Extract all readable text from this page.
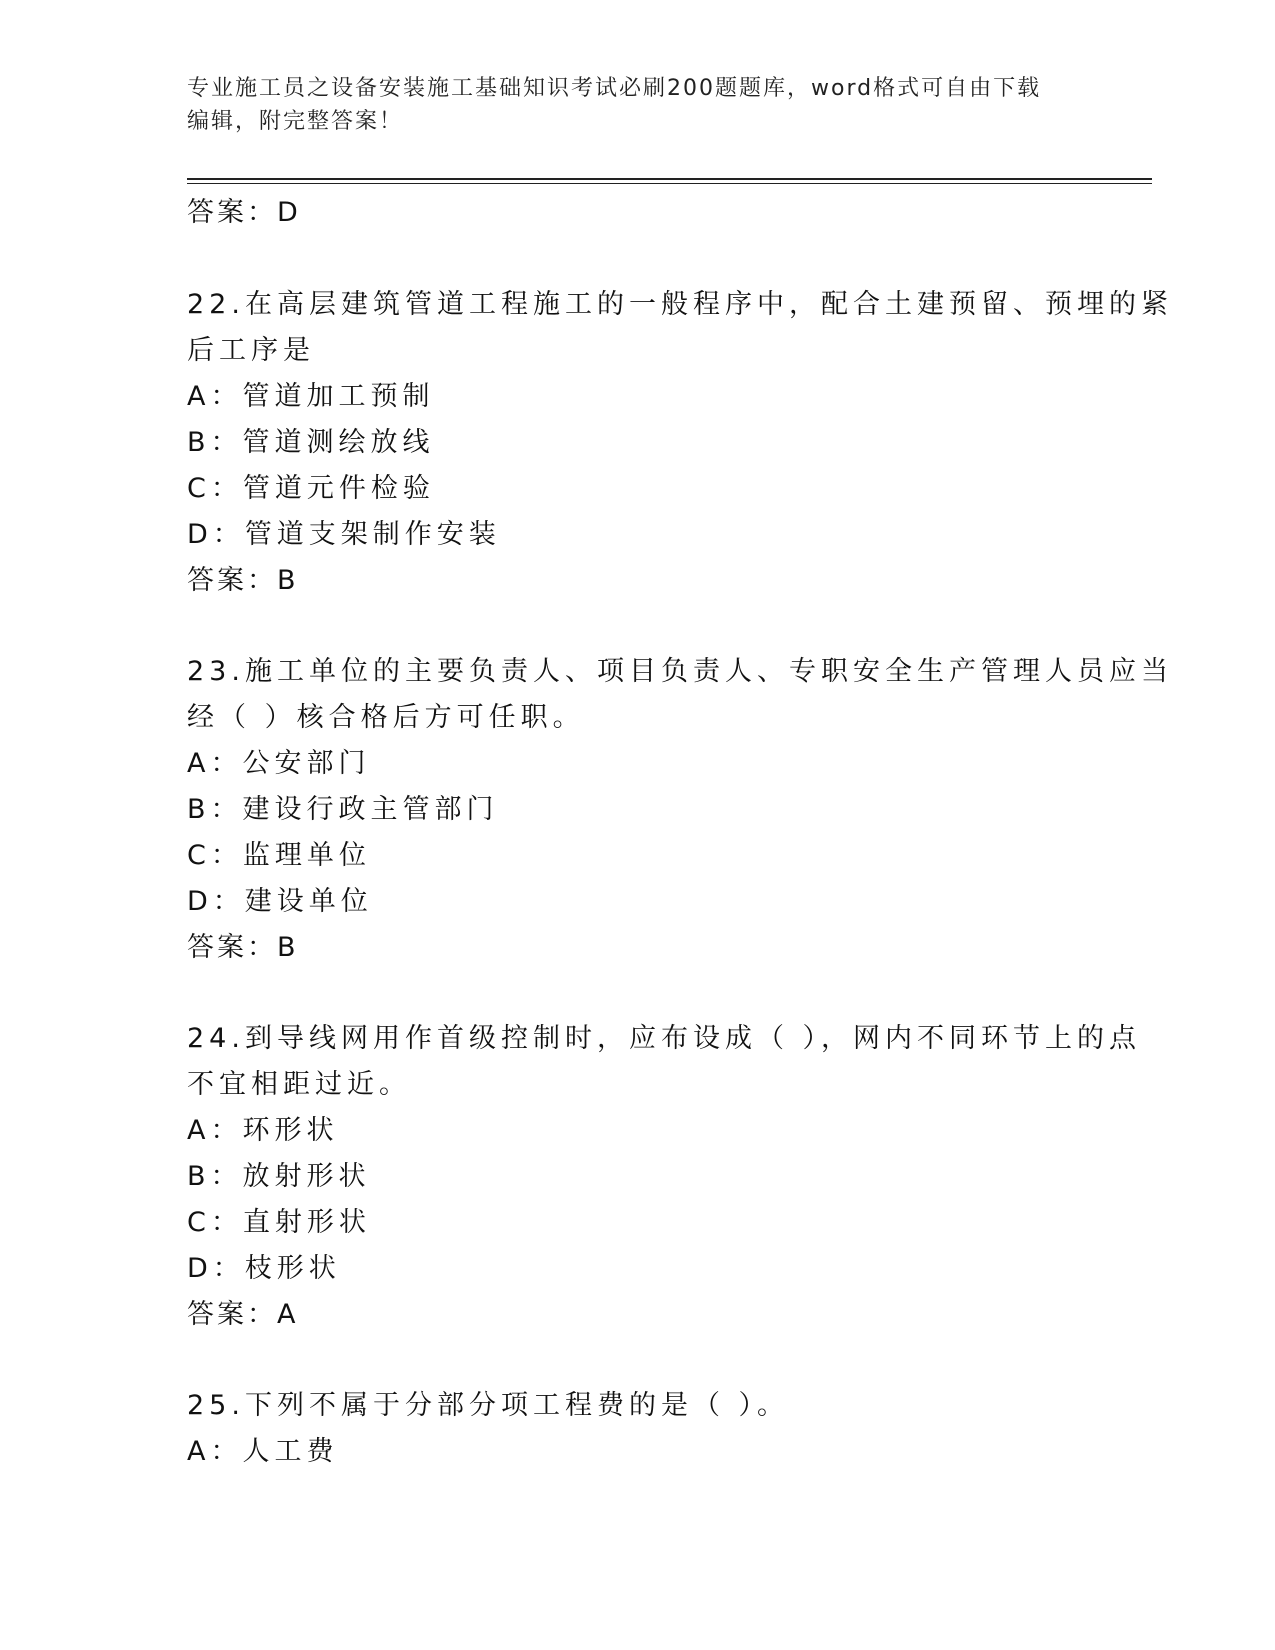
专业施工员之设备安装施工基础知识考试必刷200题题库，word格式可自由下载
编辑，附完整答案！
答案：D
22.在高层建筑管道工程施工的一般程序中，配合土建预留、预埋的紧
后工序是
A：管道加工预制
B：管道测绘放线
C：管道元件检验
D：管道支架制作安装
答案：B
23.施工单位的主要负责人、项目负责人、专职安全生产管理人员应当
经（ ）核合格后方可任职。
A：公安部门
B：建设行政主管部门
C：监理单位
D：建设单位
答案：B
24.到导线网用作首级控制时，应布设成（ ），网内不同环节上的点
不宜相距过近。
A：环形状
B：放射形状
C：直射形状
D：枝形状
答案：A
25.下列不属于分部分项工程费的是（ ）。
A：人工费
